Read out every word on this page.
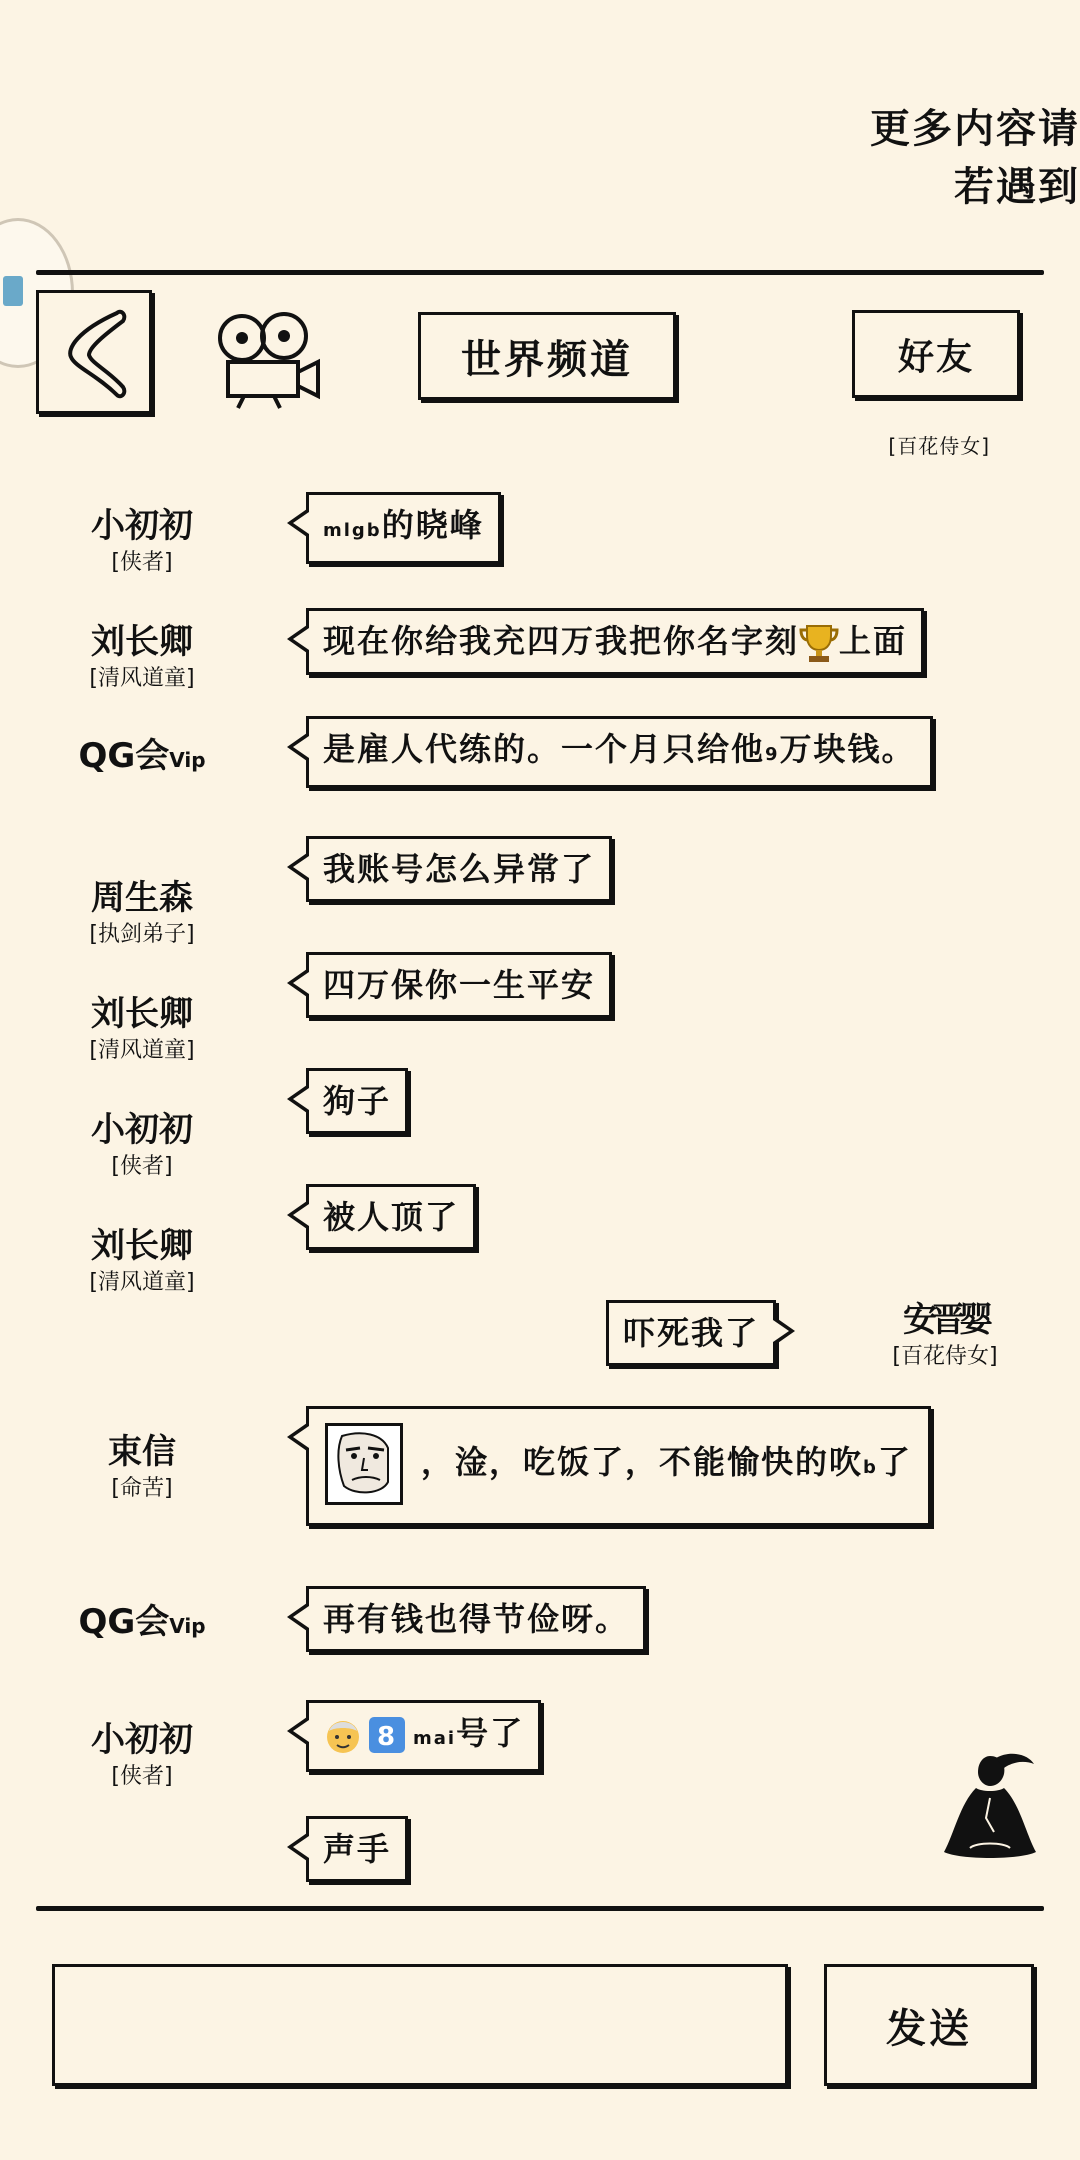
更多内容请
若遇到
世界频道	好友
[百花侍女]
小初初
[侠者]
mlgb的晓峰
刘长卿
[清风道童]
现在你给我充四万我把你名字刻 上面
QG会Vip	是雇人代练的。一个月只给他9万块钱。
周生森
[执剑弟子]
我账号怎么异常了
刘长卿
[清风道童]
四万保你一生平安
小初初
[侠者]
狗子
刘长卿
[清风道童]
被人顶了
安晋婴
[百花侍女]
吓死我了
束信
[命苦]
，淦，吃饭了，不能愉快的吹b了
QG会Vip	再有钱也得节俭呀。
小初初
[侠者]
8 mai号了
声手
发送
